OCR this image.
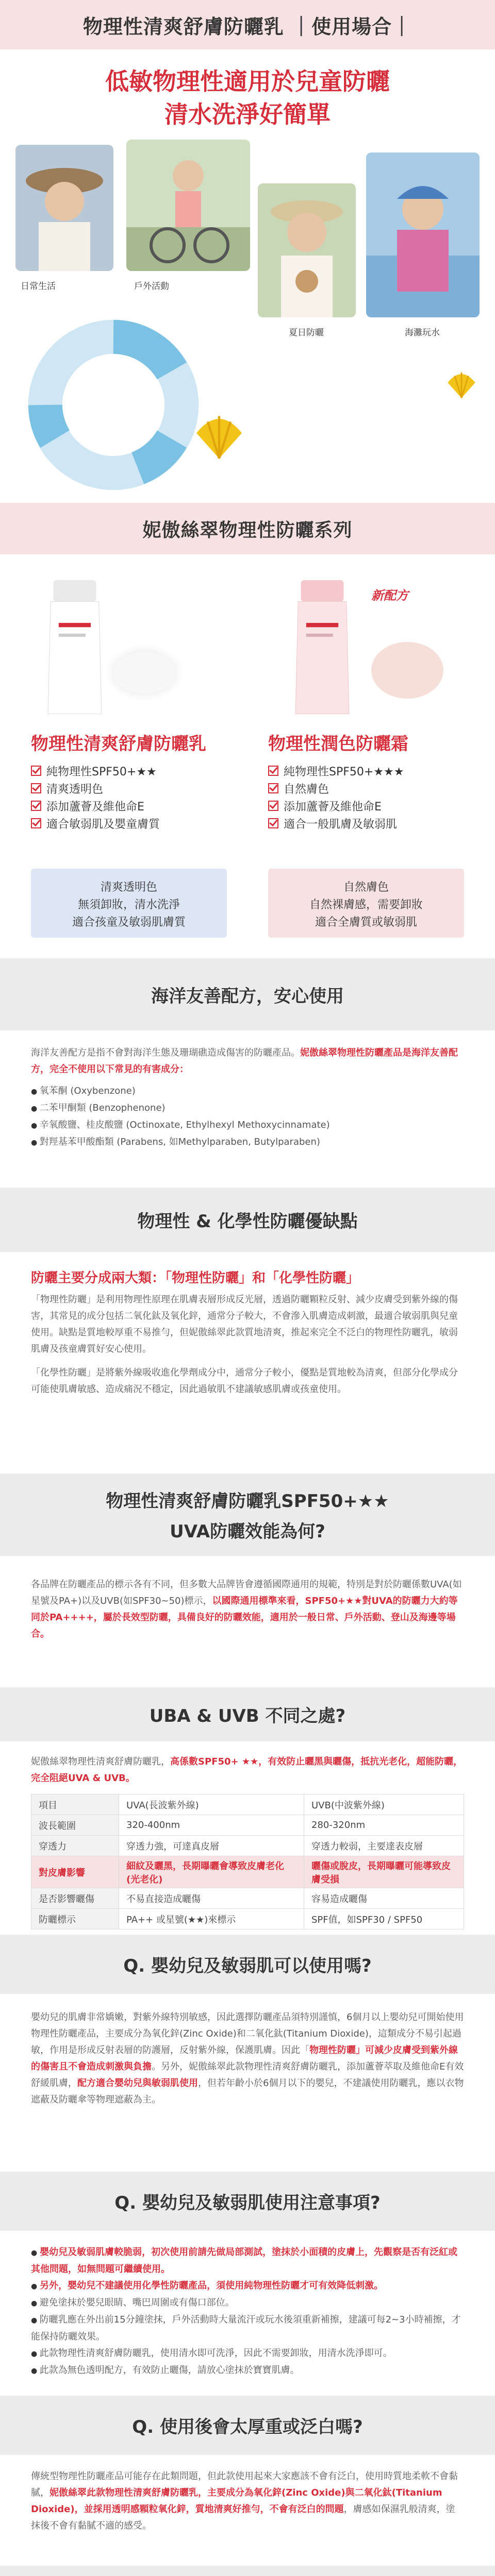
物理性清爽舒膚防曬乳 ｜使用場合｜
低敏物理性適用於兒童防曬
清水洗淨好簡單
日常生活	戶外活動
夏日防曬	海灘玩水
妮傲絲翠物理性防曬系列
新配方
物理性清爽舒膚防曬乳
純物理性SPF50+★★
清爽透明色
添加蘆薈及維他命E
適合敏弱肌及嬰童膚質
物理性潤色防曬霜
純物理性SPF50+★★★
自然膚色
添加蘆薈及維他命E
適合一般肌膚及敏弱肌
清爽透明色
無須卸妝，清水洗淨
適合孩童及敏弱肌膚質
自然膚色
自然裸膚感，需要卸妝
適合全膚質或敏弱肌
海洋友善配方，安心使用

海洋友善配方是指不會對海洋生態及珊瑚礁造成傷害的防曬產品。妮傲絲翠物理性防曬產品是海洋友善配方，完全不使用以下常見的有害成分：

● 氧苯酮 (Oxybenzone)
● 二苯甲酮類 (Benzophenone)
● 辛氧酸鹽、桂皮酸鹽 (Octinoxate, Ethylhexyl Methoxycinnamate)
● 對羥基苯甲酸酯類 (Parabens, 如Methylparaben, Butylparaben)
物理性 & 化學性防曬優缺點

防曬主要分成兩大類：「物理性防曬」和「化學性防曬」

「物理性防曬」是利用物理性原理在肌膚表層形成反光層，透過防曬顆粒反射、減少皮膚受到紫外線的傷害，其常見的成分包括二氧化鈦及氧化鋅，通常分子較大，不會滲入肌膚造成刺激，最適合敏弱肌與兒童使用。缺點是質地較厚重不易推勻，但妮傲絲翠此款質地清爽，推起來完全不泛白的物理性防曬乳，敏弱肌膚及孩童膚質好安心使用。

「化學性防曬」是將紫外線吸收進化學劑成分中，通常分子較小，優點是質地較為清爽，但部分化學成分可能使肌膚敏感、造成痛況不穩定，因此過敏肌不建議敏感肌膚或孩童使用。

物理性清爽舒膚防曬乳SPF50+★★
UVA防曬效能為何?

各品牌在防曬產品的標示各有不同，但多數大品牌皆會遵循國際通用的規範，特別是對於防曬係數UVA(如星號及PA+)以及UVB(如SPF30~50)標示，以國際通用標準來看，SPF50+★★對UVA的防曬力大約等同於PA++++，屬於長效型防曬，具備良好的防曬效能，適用於一般日常、戶外活動、登山及海邊等場合。

UBA & UVB 不同之處?

妮傲絲翠物理性清爽舒膚防曬乳，高係數SPF50+ ★★，有效防止曬黑與曬傷，抵抗光老化，超能防曬，完全阻絕UVA & UVB。

項目	UVA(長波紫外線)	UVB(中波紫外線)
波長範圍	320-400nm	280-320nm
穿透力	穿透力強，可達真皮層	穿透力較弱，主要達表皮層
對皮膚影響	細紋及曬黑，長期曝曬會導致皮膚老化 (光老化)	曬傷或脫皮，長期曝曬可能導致皮膚受損
是否影響曬傷	不易直接造成曬傷	容易造成曬傷
防曬標示	PA++ 或星號(★★)來標示	SPF值，如SPF30 / SPF50
Q. 嬰幼兒及敏弱肌可以使用嗎?

嬰幼兒的肌膚非常嬌嫩，對紫外線特別敏感，因此選擇防曬產品須特別謹慎，6個月以上嬰幼兒可開始使用物理性防曬產品，主要成分為氧化鋅(Zinc Oxide)和二氧化鈦(Titanium Dioxide)，這類成分不易引起過敏，作用是形成反射表層的防護層，反射紫外線，保護肌膚。因此「物理性防曬」可減少皮膚受到紫外線的傷害且不會造成刺激與負擔。另外，妮傲絲翠此款物理性清爽舒膚防曬乳，添加蘆薈萃取及維他命E有效舒緩肌膚，配方適合嬰幼兒與敏弱肌使用，但若年齡小於6個月以下的嬰兒，不建議使用防曬乳，應以衣物遮蔽及防曬傘等物理遮蔽為主。

Q. 嬰幼兒及敏弱肌使用注意事項?
● 嬰幼兒及敏弱肌膚較脆弱，初次使用前請先做局部測試，塗抹於小面積的皮膚上，先觀察是否有泛紅或其他問題，如無問題可繼續使用。
● 另外，嬰幼兒不建議使用化學性防曬產品，須使用純物理性防曬才可有效降低刺激。
● 避免塗抹於嬰兒眼睛、嘴巴周圍或有傷口部位。
● 防曬乳應在外出前15分鐘塗抹，戶外活動時大量流汗或玩水後須重新補擦，建議可每2~3小時補擦，才能保持防曬效果。
● 此款物理性清爽舒膚防曬乳，使用清水即可洗淨，因此不需要卸妝，用清水洗淨即可。
● 此款為無色透明配方，有效防止曬傷，請放心塗抹於寶寶肌膚。
Q. 使用後會太厚重或泛白嗎?

傳統型物理性防曬產品可能存在此類問題，但此款使用起來大家應該不會有泛白，使用時質地柔軟不會黏膩，妮傲絲翠此款物理性清爽舒膚防曬乳，主要成分為氧化鋅(Zinc Oxide)與二氧化鈦(Titanium Dioxide)，並採用透明感顆粒氧化鋅，質地清爽好推勻，不會有泛白的問題，膚感如保濕乳般清爽，塗抹後不會有黏膩不適的感受。
